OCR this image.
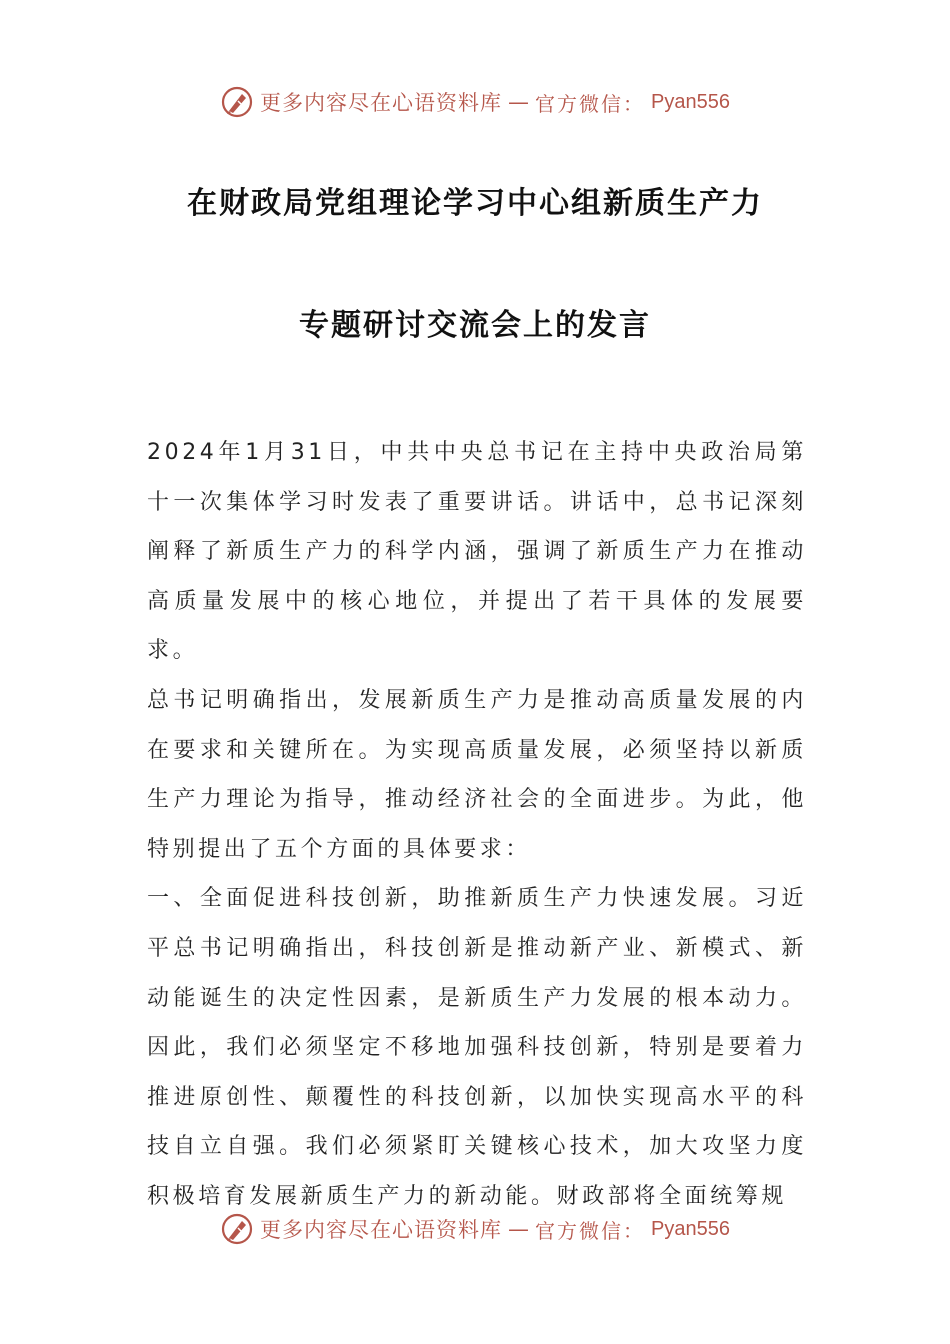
更多内容尽在心语资料库 — 官方微信： Pyan556
在财政局党组理论学习中心组新质生产力
专题研讨交流会上的发言

2024年1月31日，中共中央总书记在主持中央政治局第十一次集体学习时发表了重要讲话。讲话中，总书记深刻阐释了新质生产力的科学内涵，强调了新质生产力在推动高质量发展中的核心地位，并提出了若干具体的发展要求。

总书记明确指出，发展新质生产力是推动高质量发展的内在要求和关键所在。为实现高质量发展，必须坚持以新质生产力理论为指导，推动经济社会的全面进步。为此，他特别提出了五个方面的具体要求：

一、全面促进科技创新，助推新质生产力快速发展。习近平总书记明确指出，科技创新是推动新产业、新模式、新动能诞生的决定性因素，是新质生产力发展的根本动力。因此，我们必须坚定不移地加强科技创新，特别是要着力推进原创性、颠覆性的科技创新，以加快实现高水平的科技自立自强。我们必须紧盯关键核心技术，加大攻坚力度积极培育发展新质生产力的新动能。财政部将全面统筹规

更多内容尽在心语资料库 — 官方微信： Pyan556
